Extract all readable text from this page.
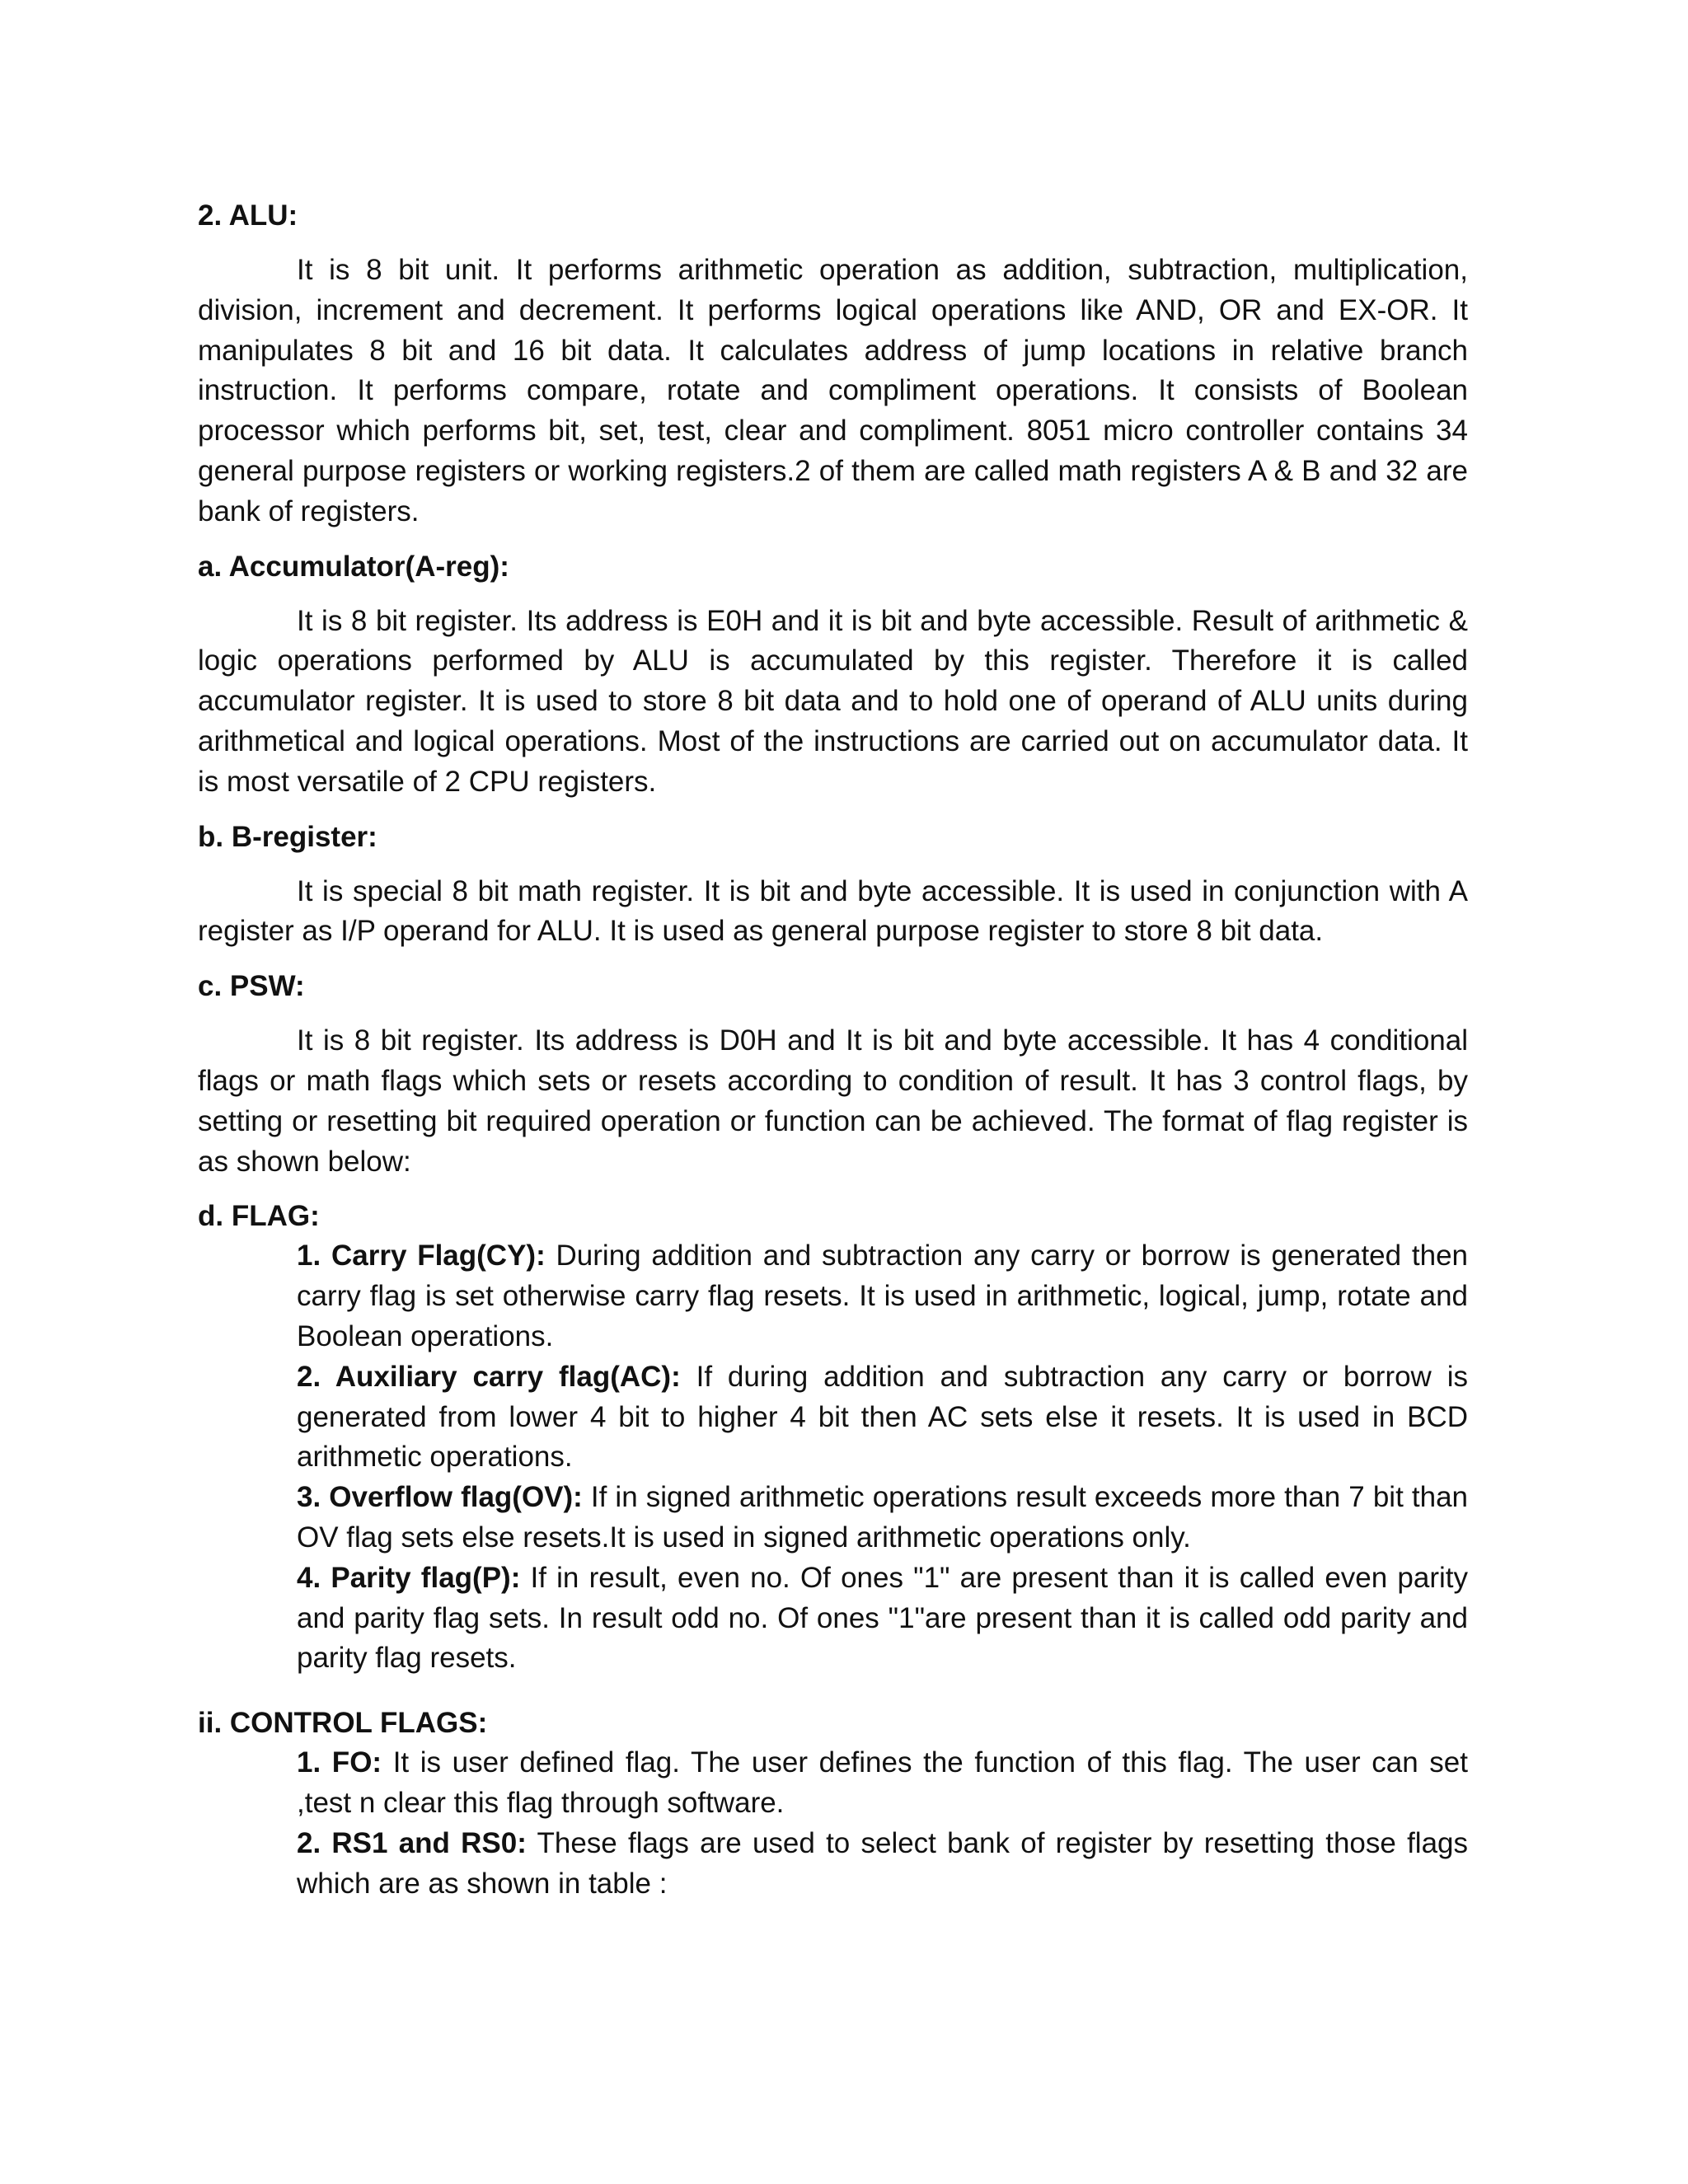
2. ALU:

It is 8 bit unit. It performs arithmetic operation as addition, subtraction, multiplication, division, increment and decrement. It performs logical operations like AND, OR and EX-OR. It manipulates 8 bit and 16 bit data. It calculates address of jump locations in relative branch instruction. It performs compare, rotate and compliment operations. It consists of Boolean processor which performs bit, set, test, clear and compliment. 8051 micro controller contains 34 general purpose registers or working registers.2 of them are called math registers A & B and 32 are bank of registers.

a. Accumulator(A-reg):

It is 8 bit register. Its address is E0H and it is bit and byte accessible. Result of arithmetic & logic operations performed by ALU is accumulated by this register. Therefore it is called accumulator register. It is used to store 8 bit data and to hold one of operand of ALU units during arithmetical and logical operations. Most of the instructions are carried out on accumulator data. It is most versatile of 2 CPU registers.

b. B-register:

It is special 8 bit math register. It is bit and byte accessible. It is used in conjunction with A register as I/P operand for ALU. It is used as general purpose register to store 8 bit data.

c. PSW:

It is 8 bit register. Its address is D0H and It is bit and byte accessible. It has 4 conditional flags or math flags which sets or resets according to condition of result. It has 3 control flags, by setting or resetting bit required operation or function can be achieved. The format of flag register is as shown below:

d. FLAG:

1. Carry Flag(CY): During addition and subtraction any carry or borrow is generated then carry flag is set otherwise carry flag resets. It is used in arithmetic, logical, jump, rotate and Boolean operations.

2. Auxiliary carry flag(AC): If during addition and subtraction any carry or borrow is generated from lower 4 bit to higher 4 bit then AC sets else it resets. It is used in BCD arithmetic operations.

3. Overflow flag(OV): If in signed arithmetic operations result exceeds more than 7 bit than OV flag sets else resets.It is used in signed arithmetic operations only.

4. Parity flag(P): If in result, even no. Of ones "1" are present than it is called even parity and parity flag sets. In result odd no. Of ones "1"are present than it is called odd parity and parity flag resets.

ii. CONTROL FLAGS:

1. FO: It is user defined flag. The user defines the function of this flag. The user can set ,test n clear this flag through software.

2. RS1 and RS0: These flags are used to select bank of register by resetting those flags which are as shown in table :
